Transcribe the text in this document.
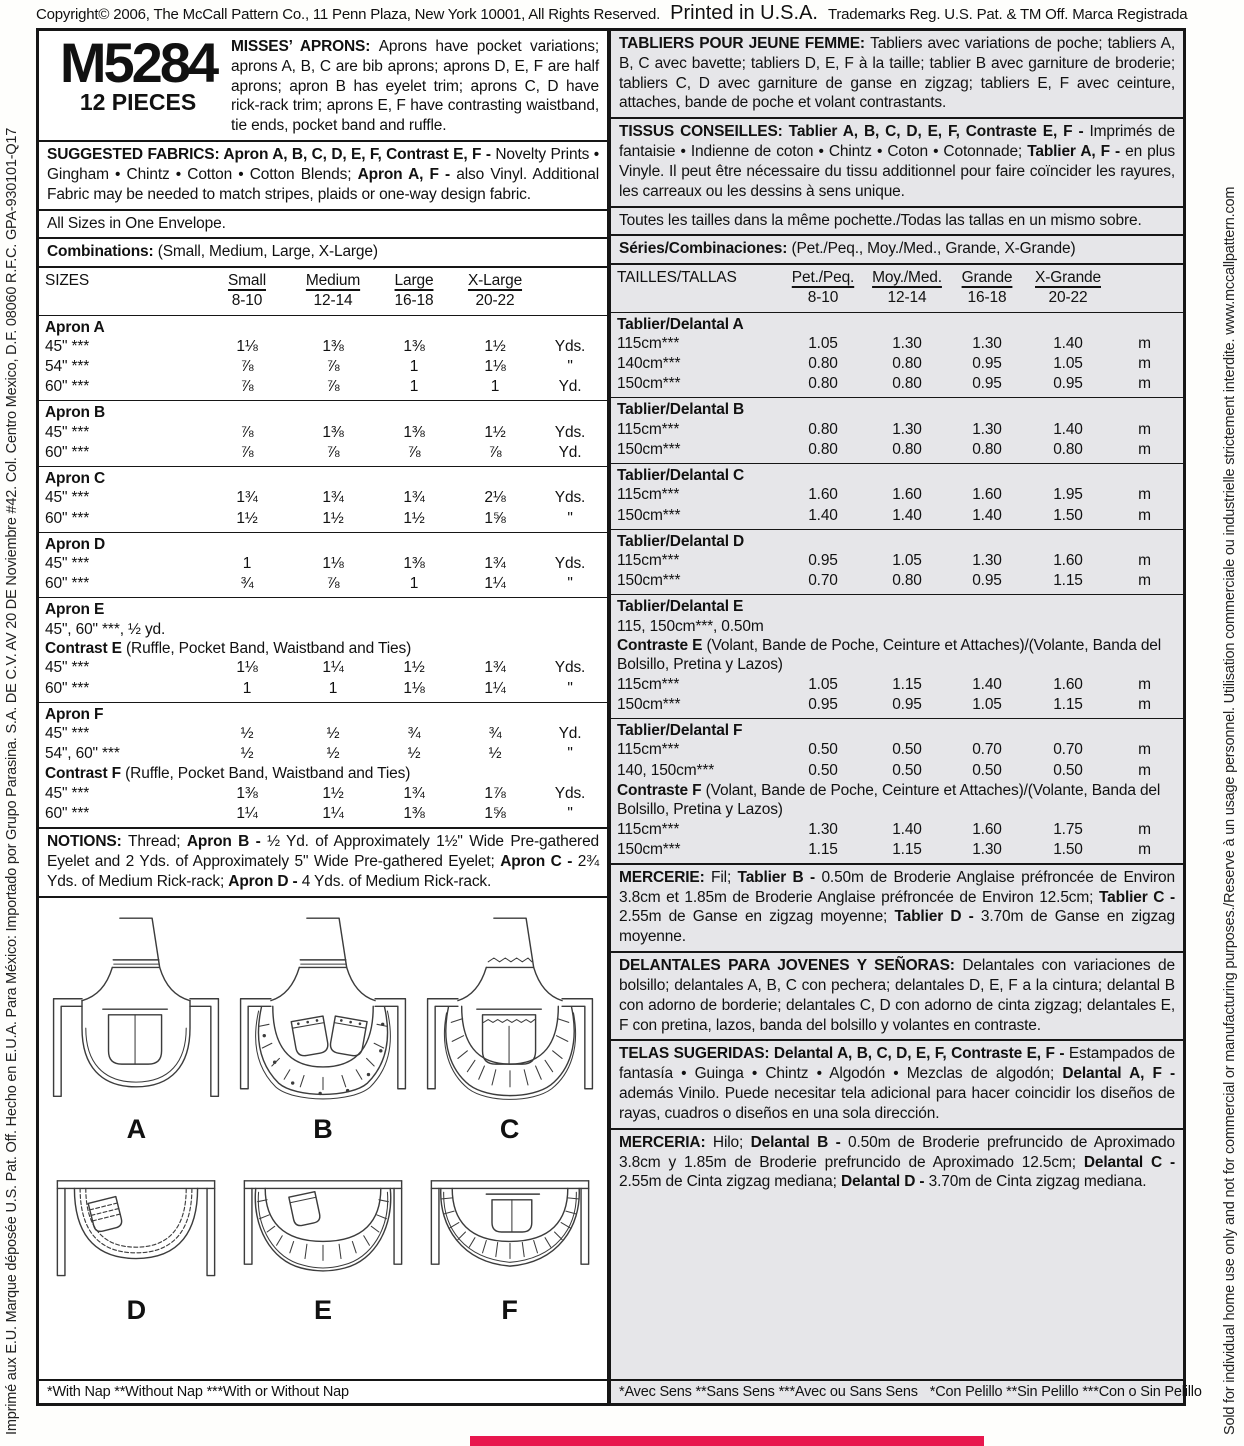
Copyright© 2006, The McCall Pattern Co., 11 Penn Plaza, New York 10001, All Rights Reserved. Printed in U.S.A. Trademarks Reg. U.S. Pat. & TM Off. Marca Registrada
Imprimé aux E.U. Marque déposée U.S. Pat. Off. Hecho en E.U.A. Para México: Importado por Grupo Parasina. S.A. DE C.V. AV 20 DE Noviembre #42. Col. Centro Mexico, D.F. 08060 R.F.C. GPA-930101-Q17	Sold for individual home use only and not for commercial or manufacturing purposes./Reserve à un usage personnel. Utilisation commerciale ou industrielle strictement interdite. www.mccallpattern.com
M5284
12 PIECES

MISSES’ APRONS: Aprons have pocket variations; aprons A, B, C are bib aprons; aprons D, E, F are half aprons; apron B has eyelet trim; aprons C, D have rick-rack trim; aprons E, F have contrasting waistband, tie ends, pocket band and ruffle.

SUGGESTED FABRICS: Apron A, B, C, D, E, F, Contrast E, F - Novelty Prints • Gingham • Chintz • Cotton • Cotton Blends; Apron A, F - also Vinyl. Additional Fabric may be needed to match stripes, plaids or one-way design fabric.

All Sizes in One Envelope.

Combinations: (Small, Medium, Large, X-Large)

SIZES	Small	Medium	Large	X-Large
8-10	12-14	16-18	20-22
Apron A
45" ***	1⅛	1⅜	1⅜	1½	Yds.
54" ***	⅞	⅞	1	1⅛	"
60" ***	⅞	⅞	1	1	Yd.
Apron B
45" ***	⅞	1⅜	1⅜	1½	Yds.
60" ***	⅞	⅞	⅞	⅞	Yd.
Apron C
45" ***	1¾	1¾	1¾	2⅛	Yds.
60" ***	1½	1½	1½	1⅝	"
Apron D
45" ***	1	1⅛	1⅜	1¾	Yds.
60" ***	¾	⅞	1	1¼	"
Apron E
45", 60" ***, ½ yd.
Contrast E (Ruffle, Pocket Band, Waistband and Ties)
45" ***	1⅛	1¼	1½	1¾	Yds.
60" ***	1	1	1⅛	1¼	"
Apron F
45" ***	½	½	¾	¾	Yd.
54", 60" ***	½	½	½	½	"
Contrast F (Ruffle, Pocket Band, Waistband and Ties)
45" ***	1⅜	1½	1¾	1⅞	Yds.
60" ***	1¼	1¼	1⅜	1⅝	"

NOTIONS: Thread; Apron B - ½ Yd. of Approximately 1½" Wide Pre-gathered Eyelet and 2 Yds. of Approximately 5" Wide Pre-gathered Eyelet; Apron C - 2¾ Yds. of Medium Rick-rack; Apron D - 4 Yds. of Medium Rick-rack.

A	B	C
D	E	F
*With Nap **Without Nap ***With or Without Nap

TABLIERS POUR JEUNE FEMME: Tabliers avec variations de poche; tabliers A, B, C avec bavette; tabliers D, E, F à la taille; tablier B avec garniture de broderie; tabliers C, D avec garniture de ganse en zigzag; tabliers E, F avec ceinture, attaches, bande de poche et volant contrastants.

TISSUS CONSEILLES: Tablier A, B, C, D, E, F, Contraste E, F - Imprimés de fantaisie • Indienne de coton • Chintz • Coton • Cotonnade; Tablier A, F - en plus Vinyle. Il peut être nécessaire du tissu additionnel pour faire coïncider les rayures, les carreaux ou les dessins à sens unique.

Toutes les tailles dans la même pochette./Todas las tallas en un mismo sobre.

Séries/Combinaciones: (Pet./Peq., Moy./Med., Grande, X-Grande)

TAILLES/TALLAS	Pet./Peq.	Moy./Med.	Grande	X-Grande
8-10	12-14	16-18	20-22
Tablier/Delantal A
115cm***	1.05	1.30	1.30	1.40	m
140cm***	0.80	0.80	0.95	1.05	m
150cm***	0.80	0.80	0.95	0.95	m
Tablier/Delantal B
115cm***	0.80	1.30	1.30	1.40	m
150cm***	0.80	0.80	0.80	0.80	m
Tablier/Delantal C
115cm***	1.60	1.60	1.60	1.95	m
150cm***	1.40	1.40	1.40	1.50	m
Tablier/Delantal D
115cm***	0.95	1.05	1.30	1.60	m
150cm***	0.70	0.80	0.95	1.15	m
Tablier/Delantal E
115, 150cm***, 0.50m
Contraste E (Volant, Bande de Poche, Ceinture et Attaches)/(Volante, Banda del Bolsillo, Pretina y Lazos)
115cm***	1.05	1.15	1.40	1.60	m
150cm***	0.95	0.95	1.05	1.15	m
Tablier/Delantal F
115cm***	0.50	0.50	0.70	0.70	m
140, 150cm***	0.50	0.50	0.50	0.50	m
Contraste F (Volant, Bande de Poche, Ceinture et Attaches)/(Volante, Banda del Bolsillo, Pretina y Lazos)
115cm***	1.30	1.40	1.60	1.75	m
150cm***	1.15	1.15	1.30	1.50	m

MERCERIE: Fil; Tablier B - 0.50m de Broderie Anglaise préfroncée de Environ 3.8cm et 1.85m de Broderie Anglaise préfroncée de Environ 12.5cm; Tablier C - 2.55m de Ganse en zigzag moyenne; Tablier D - 3.70m de Ganse en zigzag moyenne.

DELANTALES PARA JOVENES Y SEÑORAS: Delantales con variaciones de bolsillo; delantales A, B, C con pechera; delantales D, E, F a la cintura; delantal B con adorno de borderie; delantales C, D con adorno de cinta zigzag; delantales E, F con pretina, lazos, banda del bolsillo y volantes en contraste.

TELAS SUGERIDAS: Delantal A, B, C, D, E, F, Contraste E, F - Estampados de fantasía • Guinga • Chintz • Algodón • Mezclas de algodón; Delantal A, F - además Vinilo. Puede necesitar tela adicional para hacer coincidir los diseños de rayas, cuadros o diseños en una sola dirección.

MERCERIA: Hilo; Delantal B - 0.50m de Broderie prefruncido de Aproximado 3.8cm y 1.85m de Broderie prefruncido de Aproximado 12.5cm; Delantal C - 2.55m de Cinta zigzag mediana; Delantal D - 3.70m de Cinta zigzag mediana.

*Avec Sens **Sans Sens ***Avec ou Sans Sens *Con Pelillo **Sin Pelillo ***Con o Sin Pelillo
